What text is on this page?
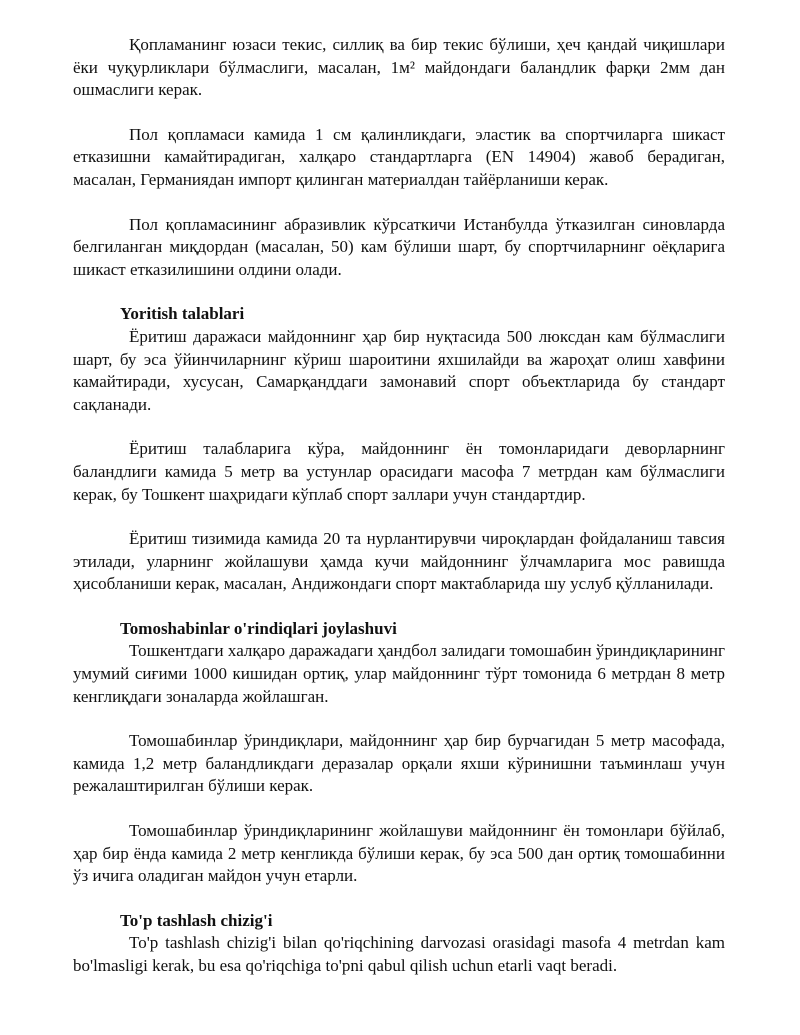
Қопламанинг юзаси текис, силлиқ ва бир текис бўлиши, ҳеч қандай чиқишлари ёки чуқурликлари бўлмаслиги, масалан, 1м² майдондаги баландлик фарқи 2мм дан ошмаслиги керак.

Пол қопламаси камида 1 см қалинликдаги, эластик ва спортчиларга шикаст етказишни камайтирадиган, халқаро стандартларга (EN 14904) жавоб берадиган, масалан, Германиядан импорт қилинган материалдан тайёрланиши керак.

Пол қопламасининг абразивлик кўрсаткичи Истанбулда ўтказилган синовларда белгиланган миқдордан (масалан, 50) кам бўлиши шарт, бу спортчиларнинг оёқларига шикаст етказилишини олдини олади.

Yoritish talablari

Ёритиш даражаси майдоннинг ҳар бир нуқтасида 500 люксдан кам бўлмаслиги шарт, бу эса ўйинчиларнинг кўриш шароитини яхшилайди ва жароҳат олиш хавфини камайтиради, хусусан, Самарқанддаги замонавий спорт объектларида бу стандарт сақланади.

Ёритиш талабларига кўра, майдоннинг ён томонларидаги деворларнинг баландлиги камида 5 метр ва устунлар орасидаги масофа 7 метрдан кам бўлмаслиги керак, бу Тошкент шаҳридаги кўплаб спорт заллари учун стандартдир.

Ёритиш тизимида камида 20 та нурлантирувчи чироқлардан фойдаланиш тавсия этилади, уларнинг жойлашуви ҳамда кучи майдоннинг ўлчамларига мос равишда ҳисобланиши керак, масалан, Андижондаги спорт мактабларида шу услуб қўлланилади.

Tomoshabinlar o'rindiqlari joylashuvi

Тошкентдаги халқаро даражадаги ҳандбол залидаги томошабин ўриндиқларининг умумий сиғими 1000 кишидан ортиқ, улар майдоннинг тўрт томонида 6 метрдан 8 метр кенглиқдаги зоналарда жойлашган.

Томошабинлар ўриндиқлари, майдоннинг ҳар бир бурчагидан 5 метр масофада, камида 1,2 метр баландликдаги деразалар орқали яхши кўринишни таъминлаш учун режалаштирилган бўлиши керак.

Томошабинлар ўриндиқларининг жойлашуви майдоннинг ён томонлари бўйлаб, ҳар бир ёнда камида 2 метр кенгликда бўлиши керак, бу эса 500 дан ортиқ томошабинни ўз ичига оладиган майдон учун етарли.

To'p tashlash chizig'i

To'p tashlash chizig'i bilan qo'riqchining darvozasi orasidagi masofa 4 metrdan kam bo'lmasligi kerak, bu esa qo'riqchiga to'pni qabul qilish uchun etarli vaqt beradi.
